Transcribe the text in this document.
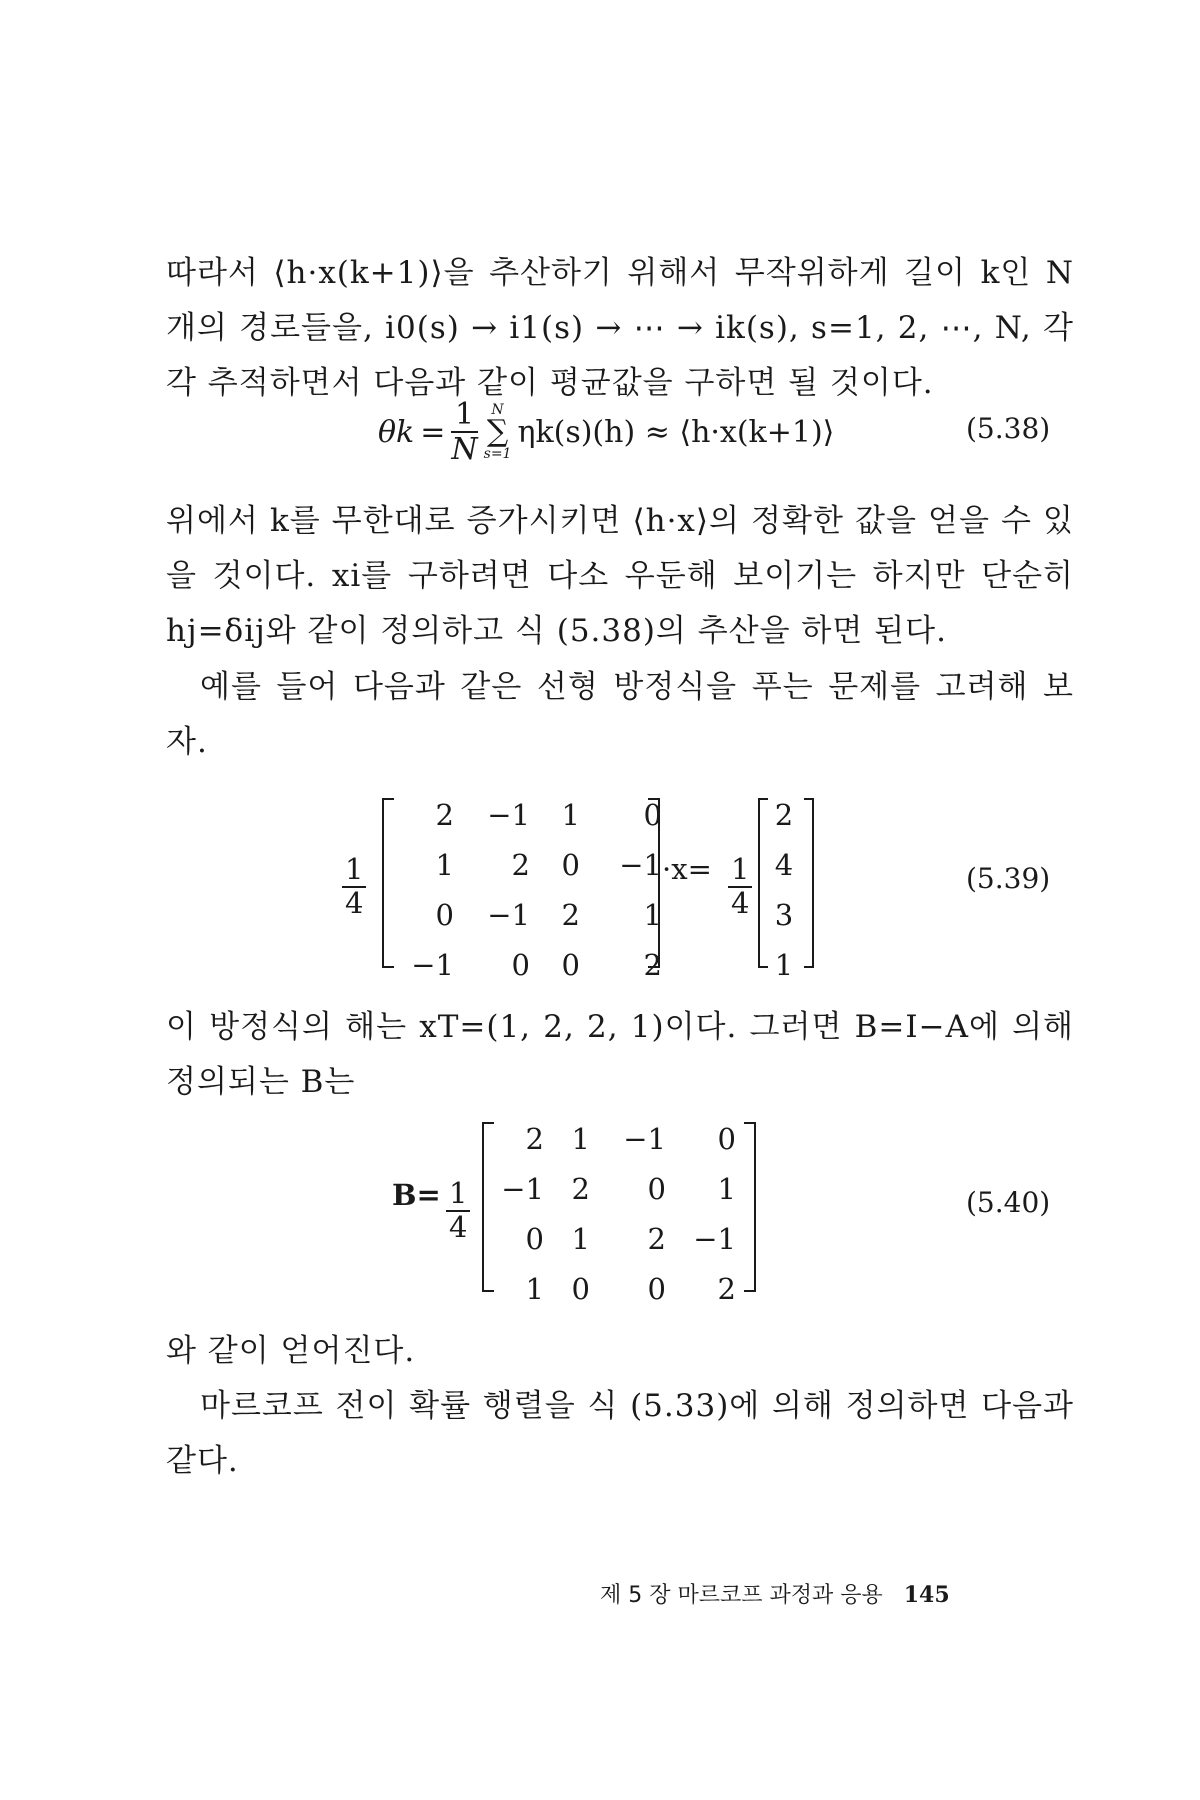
따라서 ⟨h·x(k+1)⟩을 추산하기 위해서 무작위하게 길이 k인 N개의 경로들을, i0(s) → i1(s) → ⋯ → ik(s), s=1, 2, ⋯, N, 각각 추적하면서 다음과 같이 평균값을 구하면 될 것이다.
$\theta k = \frac{1}{N}$ N
∑
s=1
ηk(s)(h) ≈ ⟨h·x(k+1)⟩	(5.38)
위에서 k를 무한대로 증가시키면 ⟨h·x⟩의 정확한 값을 얻을 수 있을 것이다. xi를 구하려면 다소 우둔해 보이기는 하지만 단순히 hj=δij와 같이 정의하고 식 (5.38)의 추산을 하면 된다.
예를 들어 다음과 같은 선형 방정식을 푸는 문제를 고려해 보자.
$\frac{1}{4}$
2	−1	1	0
1	2	0	−1
0	−1	2	1
−1	0	0	2
$\cdot x= \frac{1}{4}$
2
4
3
1
(5.39)
이 방정식의 해는 xT=(1, 2, 2, 1)이다. 그러면 B=I−A에 의해 정의되는 B는
$B= \frac{1}{4}$
2 1	−1	0
−1 2	0	1
0 1	2 −1
1 0	0	2
(5.40)
와 같이 얻어진다.
마르코프 전이 확률 행렬을 식 (5.33)에 의해 정의하면 다음과 같다.
제 5 장 마르코프 과정과 응용 145
